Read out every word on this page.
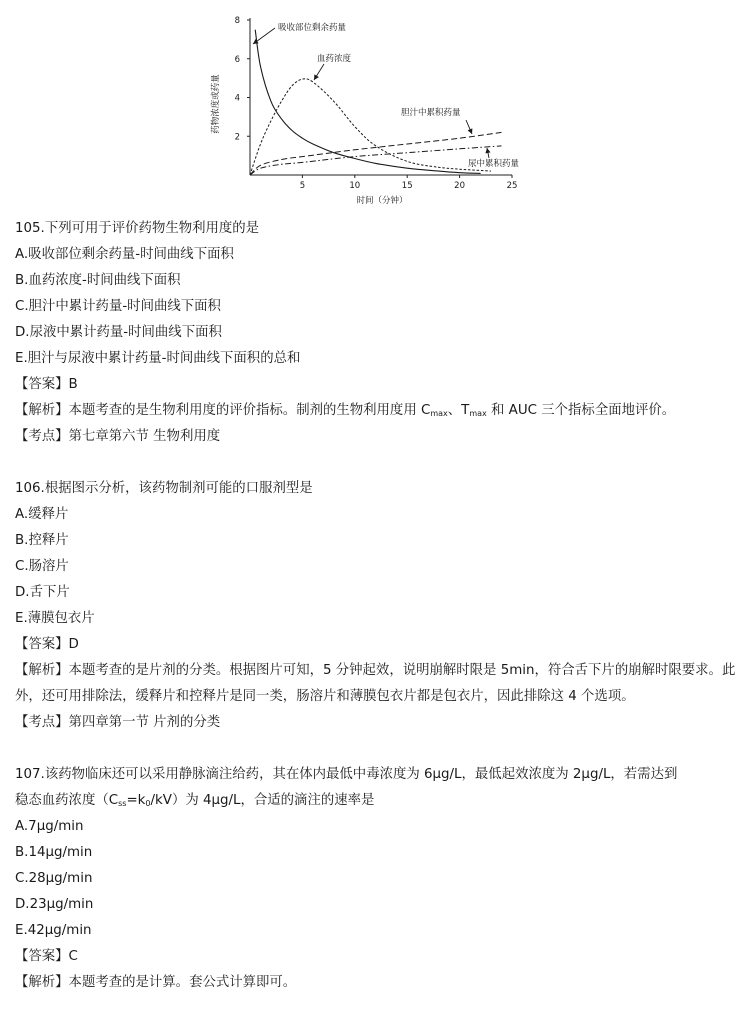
5	10	15	20	25
2
4
6
8
吸收部位剩余药量
血药浓度
胆汁中累积药量
尿中累积药量
药物浓度或药量
时间（分钟）
105.下列可用于评价药物生物利用度的是
A.吸收部位剩余药量-时间曲线下面积
B.血药浓度-时间曲线下面积
C.胆汁中累计药量-时间曲线下面积
D.尿液中累计药量-时间曲线下面积
E.胆汁与尿液中累计药量-时间曲线下面积的总和
【答案】B
【解析】本题考查的是生物利用度的评价指标。制剂的生物利用度用 $C_{max}$、$T_{max}$ 和 AUC 三个指标全面地评价。
【考点】第七章第六节 生物利用度
106.根据图示分析，该药物制剂可能的口服剂型是
A.缓释片
B.控释片
C.肠溶片
D.舌下片
E.薄膜包衣片
【答案】D
【解析】本题考查的是片剂的分类。根据图片可知，5 分钟起效，说明崩解时限是 5min，符合舌下片的崩解时限要求。此外，还可用排除法，缓释片和控释片是同一类，肠溶片和薄膜包衣片都是包衣片，因此排除这 4 个选项。
【考点】第四章第一节 片剂的分类
107.该药物临床还可以采用静脉滴注给药，其在体内最低中毒浓度为 6μg/L，最低起效浓度为 2μg/L，若需达到
稳态血药浓度$(C_{ss}=k_0/kV)$为 4μg/L，合适的滴注的速率是
A.7μg/min
B.14μg/min
C.28μg/min
D.23μg/min
E.42μg/min
【答案】C
【解析】本题考查的是计算。套公式计算即可。
